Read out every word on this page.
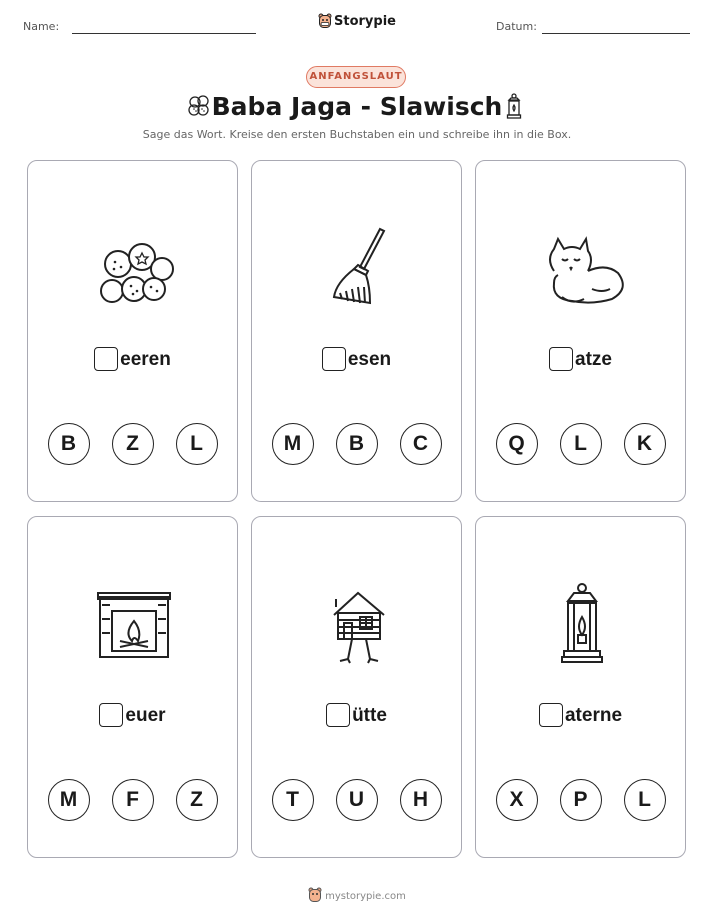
Name:	Storypie	Datum:
ANFANGSLAUT
Baba Jaga - Slawisch
Sage das Wort. Kreise den ersten Buchstaben ein und schreibe ihn in die Box.
eeren
B	Z	L
esen
M	B	C
atze
Q	L	K
euer
M	F	Z
ütte
T	U	H
aterne
X	P	L
mystorypie.com
